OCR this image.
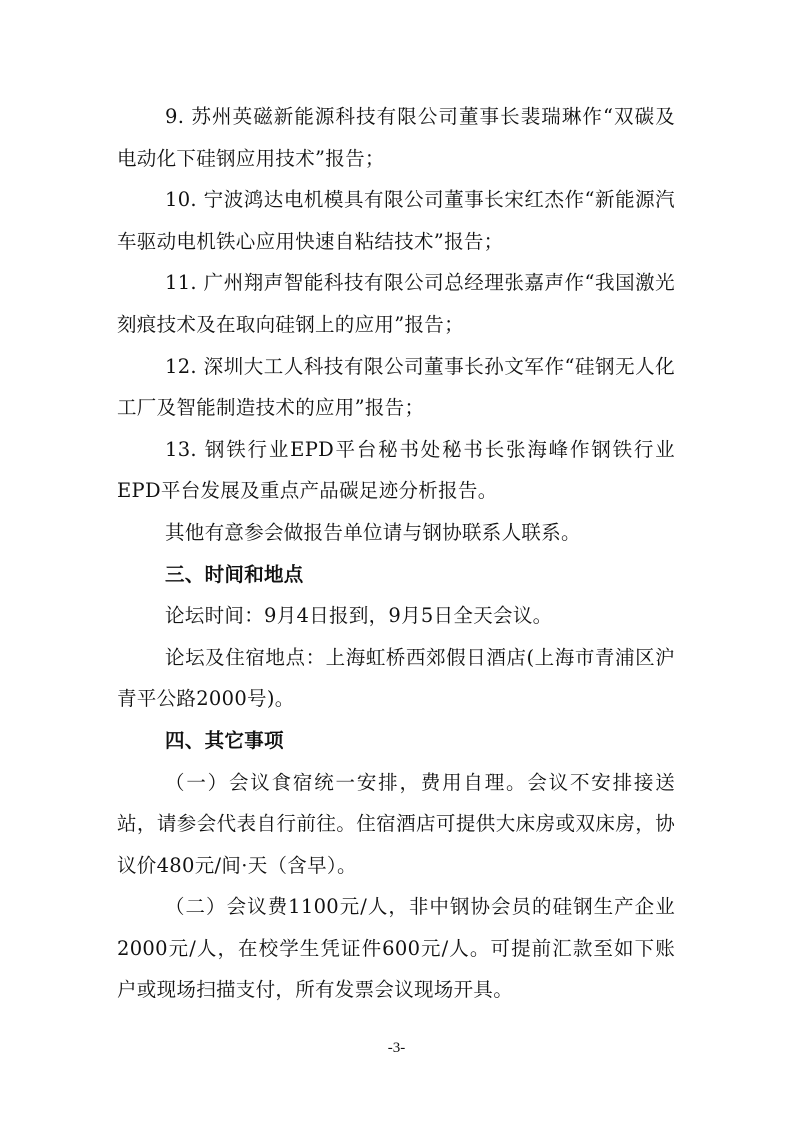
9. 苏州英磁新能源科技有限公司董事长裴瑞琳作“双碳及电动化下硅钢应用技术”报告；

10. 宁波鸿达电机模具有限公司董事长宋红杰作“新能源汽车驱动电机铁心应用快速自粘结技术”报告；

11. 广州翔声智能科技有限公司总经理张嘉声作“我国激光刻痕技术及在取向硅钢上的应用”报告；

12. 深圳大工人科技有限公司董事长孙文军作“硅钢无人化工厂及智能制造技术的应用”报告；

13. 钢铁行业EPD平台秘书处秘书长张海峰作钢铁行业EPD平台发展及重点产品碳足迹分析报告。

其他有意参会做报告单位请与钢协联系人联系。

三、时间和地点

论坛时间：9月4日报到，9月5日全天会议。

论坛及住宿地点：上海虹桥西郊假日酒店(上海市青浦区沪青平公路2000号)。

四、其它事项

（一）会议食宿统一安排，费用自理。会议不安排接送站，请参会代表自行前往。住宿酒店可提供大床房或双床房，协议价480元/间·天（含早）。

（二）会议费1100元/人，非中钢协会员的硅钢生产企业2000元/人，在校学生凭证件600元/人。可提前汇款至如下账户或现场扫描支付，所有发票会议现场开具。

-3-
